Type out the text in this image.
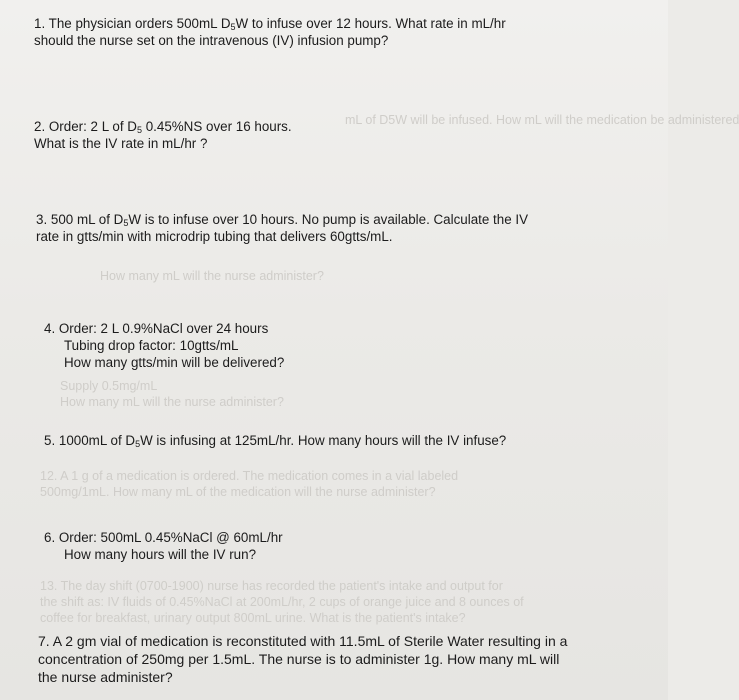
mL of D5W will be infused. How mL will the medication be administered
How many mL will the nurse administer?
Supply 0.5mg/mL
How many mL will the nurse administer?
12. A 1 g of a medication is ordered. The medication comes in a vial labeled
500mg/1mL. How many mL of the medication will the nurse administer?
13. The day shift (0700-1900) nurse has recorded the patient's intake and output for
the shift as: IV fluids of 0.45%NaCl at 200mL/hr, 2 cups of orange juice and 8 ounces of
coffee for breakfast, urinary output 800mL urine. What is the patient's intake?
1. The physician orders 500mL $D_5W$ to infuse over 12 hours. What rate in mL/hr
should the nurse set on the intravenous (IV) infusion pump?
2. Order: 2 L of $D_5$ 0.45%NS over 16 hours.
What is the IV rate in mL/hr ?
3. 500 mL of $D_5W$ is to infuse over 10 hours. No pump is available. Calculate the IV
rate in gtts/min with microdrip tubing that delivers 60gtts/mL.
4. Order: 2 L 0.9%NaCl over 24 hours
Tubing drop factor: 10gtts/mL
How many gtts/min will be delivered?
5. 1000mL of $D_5W$ is infusing at 125mL/hr. How many hours will the IV infuse?
6. Order: 500mL 0.45%NaCl @ 60mL/hr
How many hours will the IV run?
7. A 2 gm vial of medication is reconstituted with 11.5mL of Sterile Water resulting in a
concentration of 250mg per 1.5mL. The nurse is to administer 1g. How many mL will
the nurse administer?
